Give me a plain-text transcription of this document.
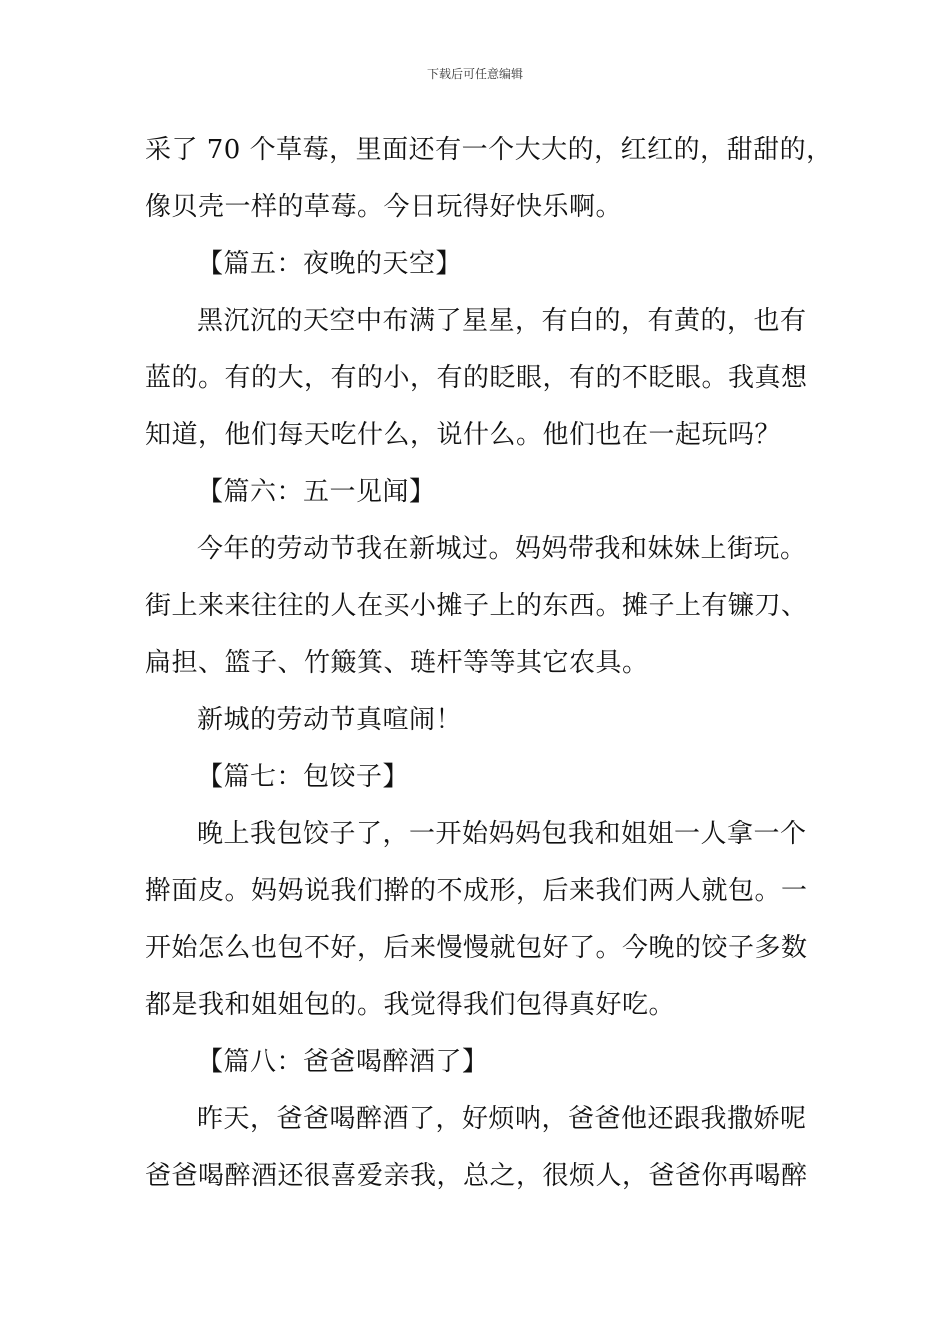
下载后可任意编辑
采了 70 个草莓，里面还有一个大大的，红红的，甜甜的，
像贝壳一样的草莓。今日玩得好快乐啊。
【篇五：夜晚的天空】
黑沉沉的天空中布满了星星，有白的，有黄的，也有
蓝的。有的大，有的小，有的眨眼，有的不眨眼。我真想
知道，他们每天吃什么，说什么。他们也在一起玩吗？
【篇六：五一见闻】
今年的劳动节我在新城过。妈妈带我和妹妹上街玩。
街上来来往往的人在买小摊子上的东西。摊子上有镰刀、
扁担、篮子、竹簸箕、琏杆等等其它农具。
新城的劳动节真喧闹！
【篇七：包饺子】
晚上我包饺子了，一开始妈妈包我和姐姐一人拿一个
擀面皮。妈妈说我们擀的不成形，后来我们两人就包。一
开始怎么也包不好，后来慢慢就包好了。今晚的饺子多数
都是我和姐姐包的。我觉得我们包得真好吃。
【篇八：爸爸喝醉酒了】
昨天，爸爸喝醉酒了，好烦呐，爸爸他还跟我撒娇呢
爸爸喝醉酒还很喜爱亲我，总之，很烦人，爸爸你再喝醉
